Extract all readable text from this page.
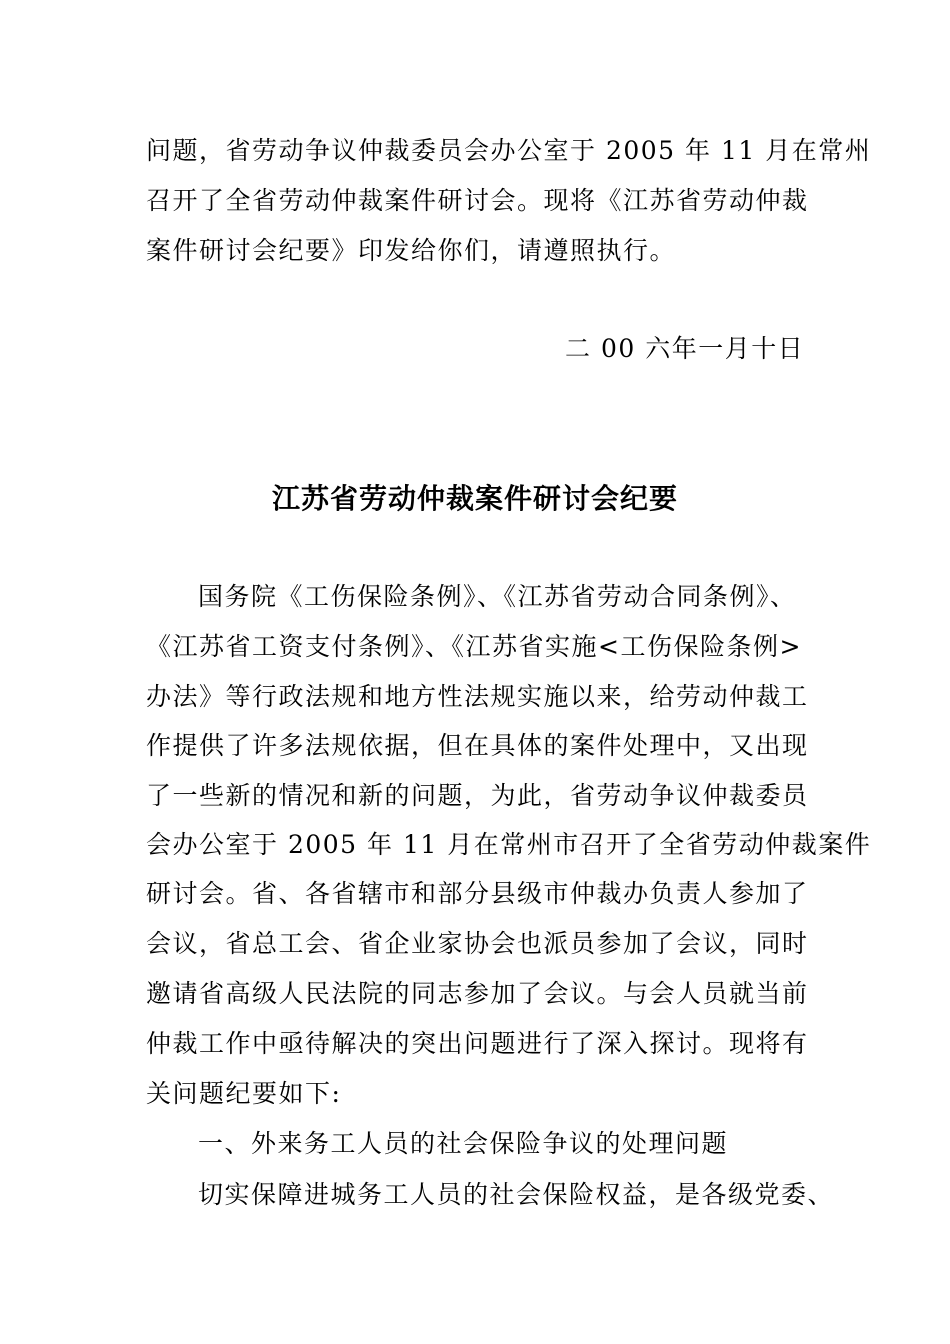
问题，省劳动争议仲裁委员会办公室于 2005 年 11 月在常州
召开了全省劳动仲裁案件研讨会。现将《江苏省劳动仲裁
案件研讨会纪要》印发给你们，请遵照执行。
二 00 六年一月十日
江苏省劳动仲裁案件研讨会纪要
国务院《工伤保险条例》、《江苏省劳动合同条例》、
《江苏省工资支付条例》、《江苏省实施<工伤保险条例>
办法》等行政法规和地方性法规实施以来，给劳动仲裁工
作提供了许多法规依据，但在具体的案件处理中，又出现
了一些新的情况和新的问题，为此，省劳动争议仲裁委员
会办公室于 2005 年 11 月在常州市召开了全省劳动仲裁案件
研讨会。省、各省辖市和部分县级市仲裁办负责人参加了
会议，省总工会、省企业家协会也派员参加了会议，同时
邀请省高级人民法院的同志参加了会议。与会人员就当前
仲裁工作中亟待解决的突出问题进行了深入探讨。现将有
关问题纪要如下:
一、外来务工人员的社会保险争议的处理问题
切实保障进城务工人员的社会保险权益，是各级党委、
